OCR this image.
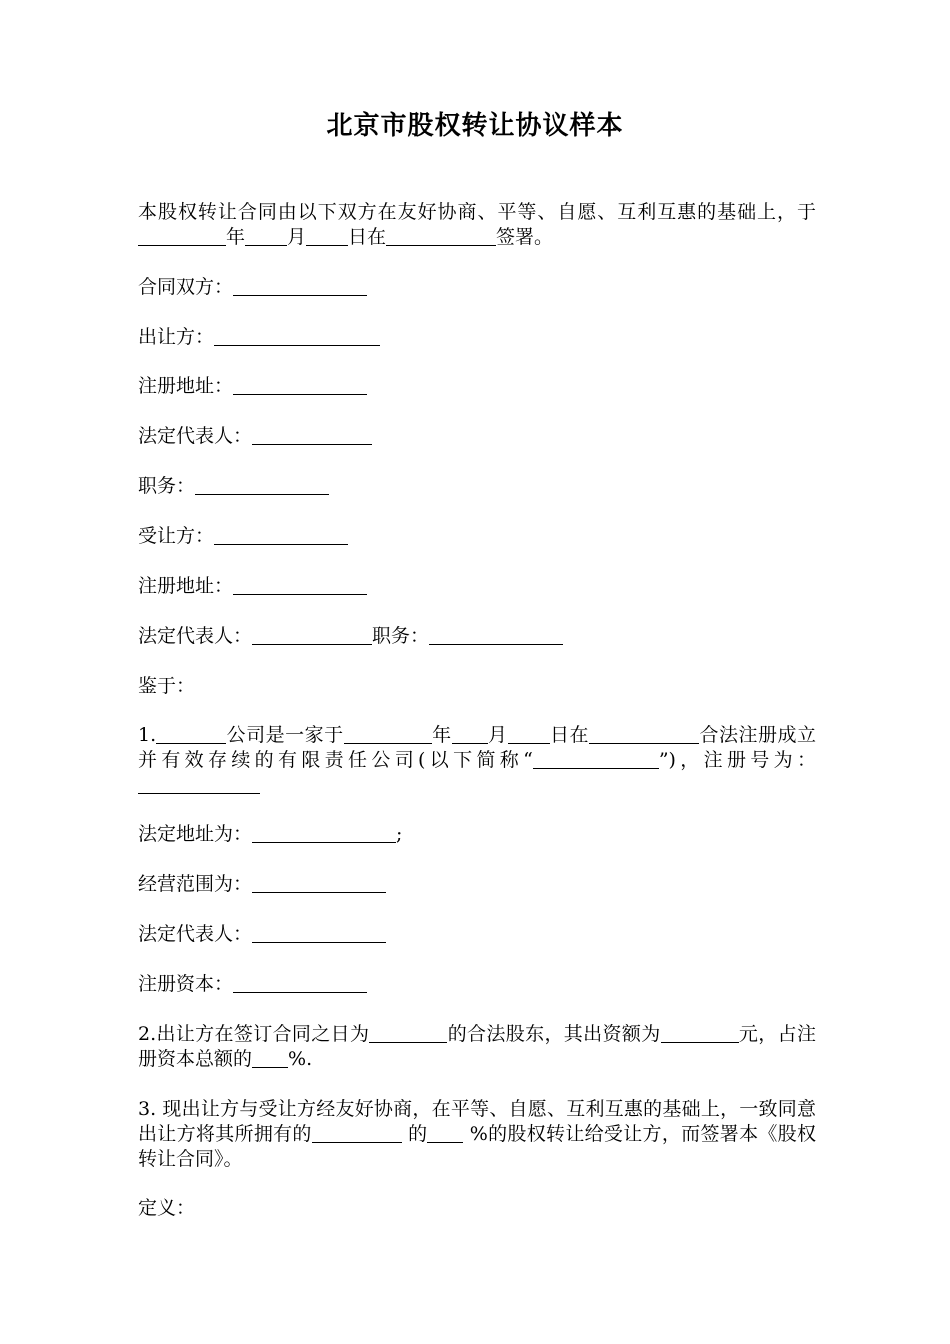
北京市股权转让协议样本

本股权转让合同由以下双方在友好协商、平等、自愿、互利互惠的基础上，于年 月 日在	签署。

合同双方：

出让方：

注册地址：

法定代表人：

职务：

受让方：

注册地址：

法定代表人：	职务：

鉴于：

1.	公司是一家于	年 月 日在	合法注册成立并有效存续的有限责任公司(以下简称“	”)，注册号为：

法定地址为：	;

经营范围为：

法定代表人：

注册资本：

2.出让方在签订合同之日为	的合法股东，其出资额为	元，占注册资本总额的 %.

3. 现出让方与受让方经友好协商，在平等、自愿、互利互惠的基础上，一致同意出让方将其所拥有的	的 %的股权转让给受让方，而签署本《股权转让合同》。

定义：
